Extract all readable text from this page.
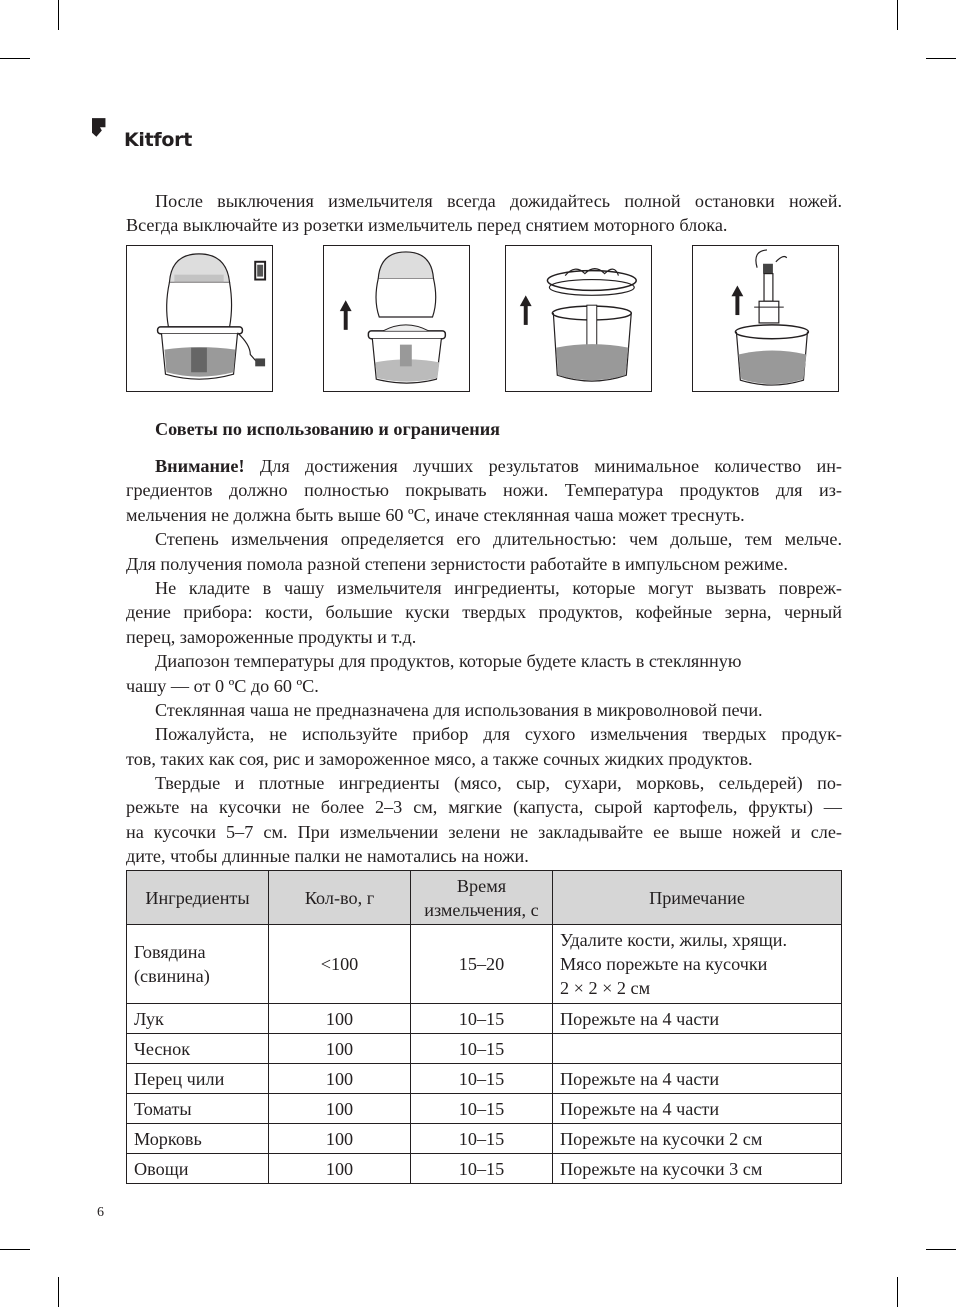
Kitfort
После выключения измельчителя всегда дожидайтесь полной остановки ножей.
Всегда выключайте из розетки измельчитель перед снятием моторного блока.
Советы по использованию и ограничения
Внимание! Для достижения лучших результатов минимальное количество ин-
гредиентов должно полностью покрывать ножи. Температура продуктов для из-
мельчения не должна быть выше 60 ºС, иначе стеклянная чаша может треснуть.
Степень измельчения определяется его длительностью: чем дольше, тем мельче.
Для получения помола разной степени зернистости работайте в импульсном режиме.
Не кладите в чашу измельчителя ингредиенты, которые могут вызвать повреж-
дение прибора: кости, большие куски твердых продуктов, кофейные зерна, черный
перец, замороженные продукты и т.д.
Диапозон температуры для продуктов, которые будете класть в стеклянную
чашу — от 0 ºС до 60 ºС.
Стеклянная чаша не предназначена для использования в микроволновой печи.
Пожалуйста, не используйте прибор для сухого измельчения твердых продук-
тов, таких как соя, рис и замороженное мясо, а также сочных жидких продуктов.
Твердые и плотные ингредиенты (мясо, сыр, сухари, морковь, сельдерей) по-
режьте на кусочки не более 2–3 см, мягкие (капуста, сырой картофель, фрукты) —
на кусочки 5–7 см. При измельчении зелени не закладывайте ее выше ножей и сле-
дите, чтобы длинные палки не намотались на ножи.
Ингредиенты	Кол-во, г	Время
измельчения, с	Примечание
Говядина
(свинина)	<100	15–20	Удалите кости, жилы, хрящи.
Мясо порежьте на кусочки
2 × 2 × 2 см
Лук	100	10–15	Порежьте на 4 части
Чеснок	100	10–15	
Перец чили	100	10–15	Порежьте на 4 части
Томаты	100	10–15	Порежьте на 4 части
Морковь	100	10–15	Порежьте на кусочки 2 см
Овощи	100	10–15	Порежьте на кусочки 3 см
6
